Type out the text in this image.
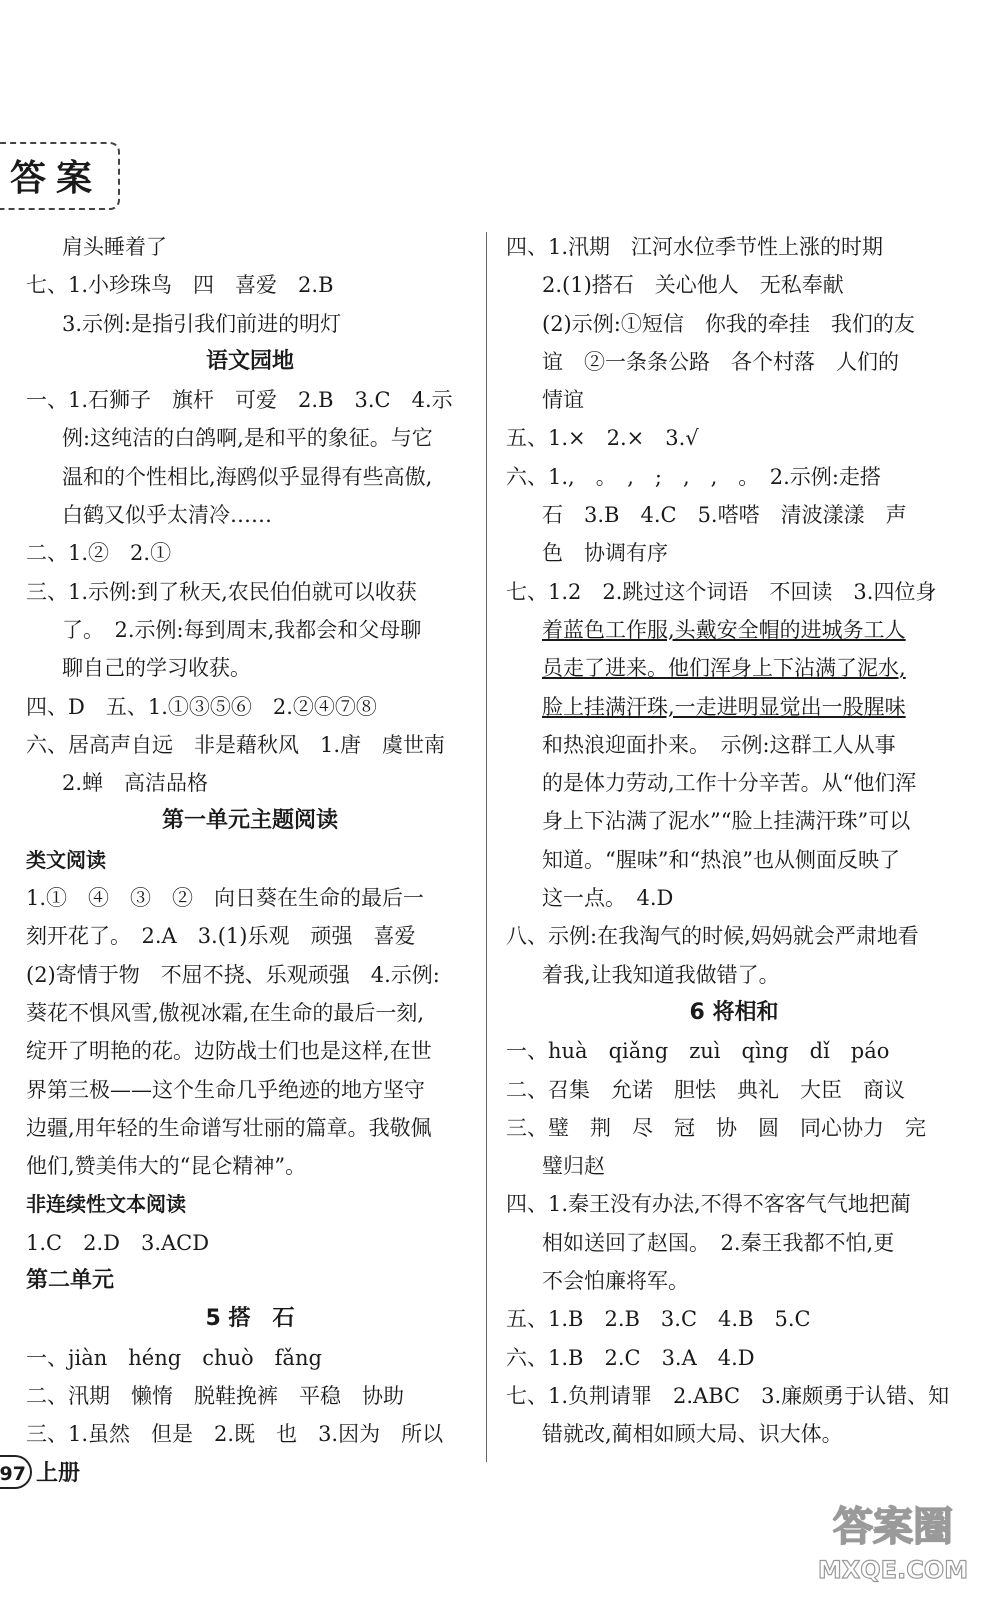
答案
肩头睡着了
七、1.小珍珠鸟　四　喜爱　2.B
3.示例:是指引我们前进的明灯
语文园地
一、1.石狮子　旗杆　可爱　2.B　3.C　4.示
例:这纯洁的白鸽啊,是和平的象征。与它
温和的个性相比,海鸥似乎显得有些高傲,
白鹤又似乎太清冷……
二、1.②　2.①
三、1.示例:到了秋天,农民伯伯就可以收获
了。　2.示例:每到周末,我都会和父母聊
聊自己的学习收获。
四、D　五、1.①③⑤⑥　2.②④⑦⑧
六、居高声自远　非是藉秋风　1.唐　虞世南
2.蝉　高洁品格
第一单元主题阅读
类文阅读
1.①　④　③　②　向日葵在生命的最后一
刻开花了。　2.A　3.(1)乐观　顽强　喜爱
(2)寄情于物　不屈不挠、乐观顽强　4.示例:
葵花不惧风雪,傲视冰霜,在生命的最后一刻,
绽开了明艳的花。边防战士们也是这样,在世
界第三极——这个生命几乎绝迹的地方坚守
边疆,用年轻的生命谱写壮丽的篇章。我敬佩
他们,赞美伟大的“昆仑精神”。
非连续性文本阅读
1.C　2.D　3.ACD
第二单元
5 搭　石
一、jiàn　héng　chuò　fǎng
二、汛期　懒惰　脱鞋挽裤　平稳　协助
三、1.虽然　但是　2.既　也　3.因为　所以
四、1.汛期　江河水位季节性上涨的时期
2.(1)搭石　关心他人　无私奉献
(2)示例:①短信　你我的牵挂　我们的友
谊　②一条条公路　各个村落　人们的
情谊
五、1.×　2.×　3.√
六、1.,　。　,　;　,　,　。　2.示例:走搭
石　3.B　4.C　5.嗒嗒　清波漾漾　声
色　协调有序
七、1.2　2.跳过这个词语　不回读　3.四位身
着蓝色工作服,头戴安全帽的进城务工人
员走了进来。他们浑身上下沾满了泥水,
脸上挂满汗珠,一走进明显觉出一股腥味
和热浪迎面扑来。　示例:这群工人从事
的是体力劳动,工作十分辛苦。从“他们浑
身上下沾满了泥水”“脸上挂满汗珠”可以
知道。“腥味”和“热浪”也从侧面反映了
这一点。　4.D
八、示例:在我淘气的时候,妈妈就会严肃地看
着我,让我知道我做错了。
6 将相和
一、huà　qiǎng　zuì　qìng　dǐ　páo
二、召集　允诺　胆怯　典礼　大臣　商议
三、璧　荆　尽　冠　协　圆　同心协力　完
璧归赵
四、1.秦王没有办法,不得不客客气气地把蔺
相如送回了赵国。　2.秦王我都不怕,更
不会怕廉将军。
五、1.B　2.B　3.C　4.B　5.C
六、1.B　2.C　3.A　4.D
七、1.负荆请罪　2.ABC　3.廉颇勇于认错、知
错就改,蔺相如顾大局、识大体。
97 上册
答案圈
MXQE.COM
